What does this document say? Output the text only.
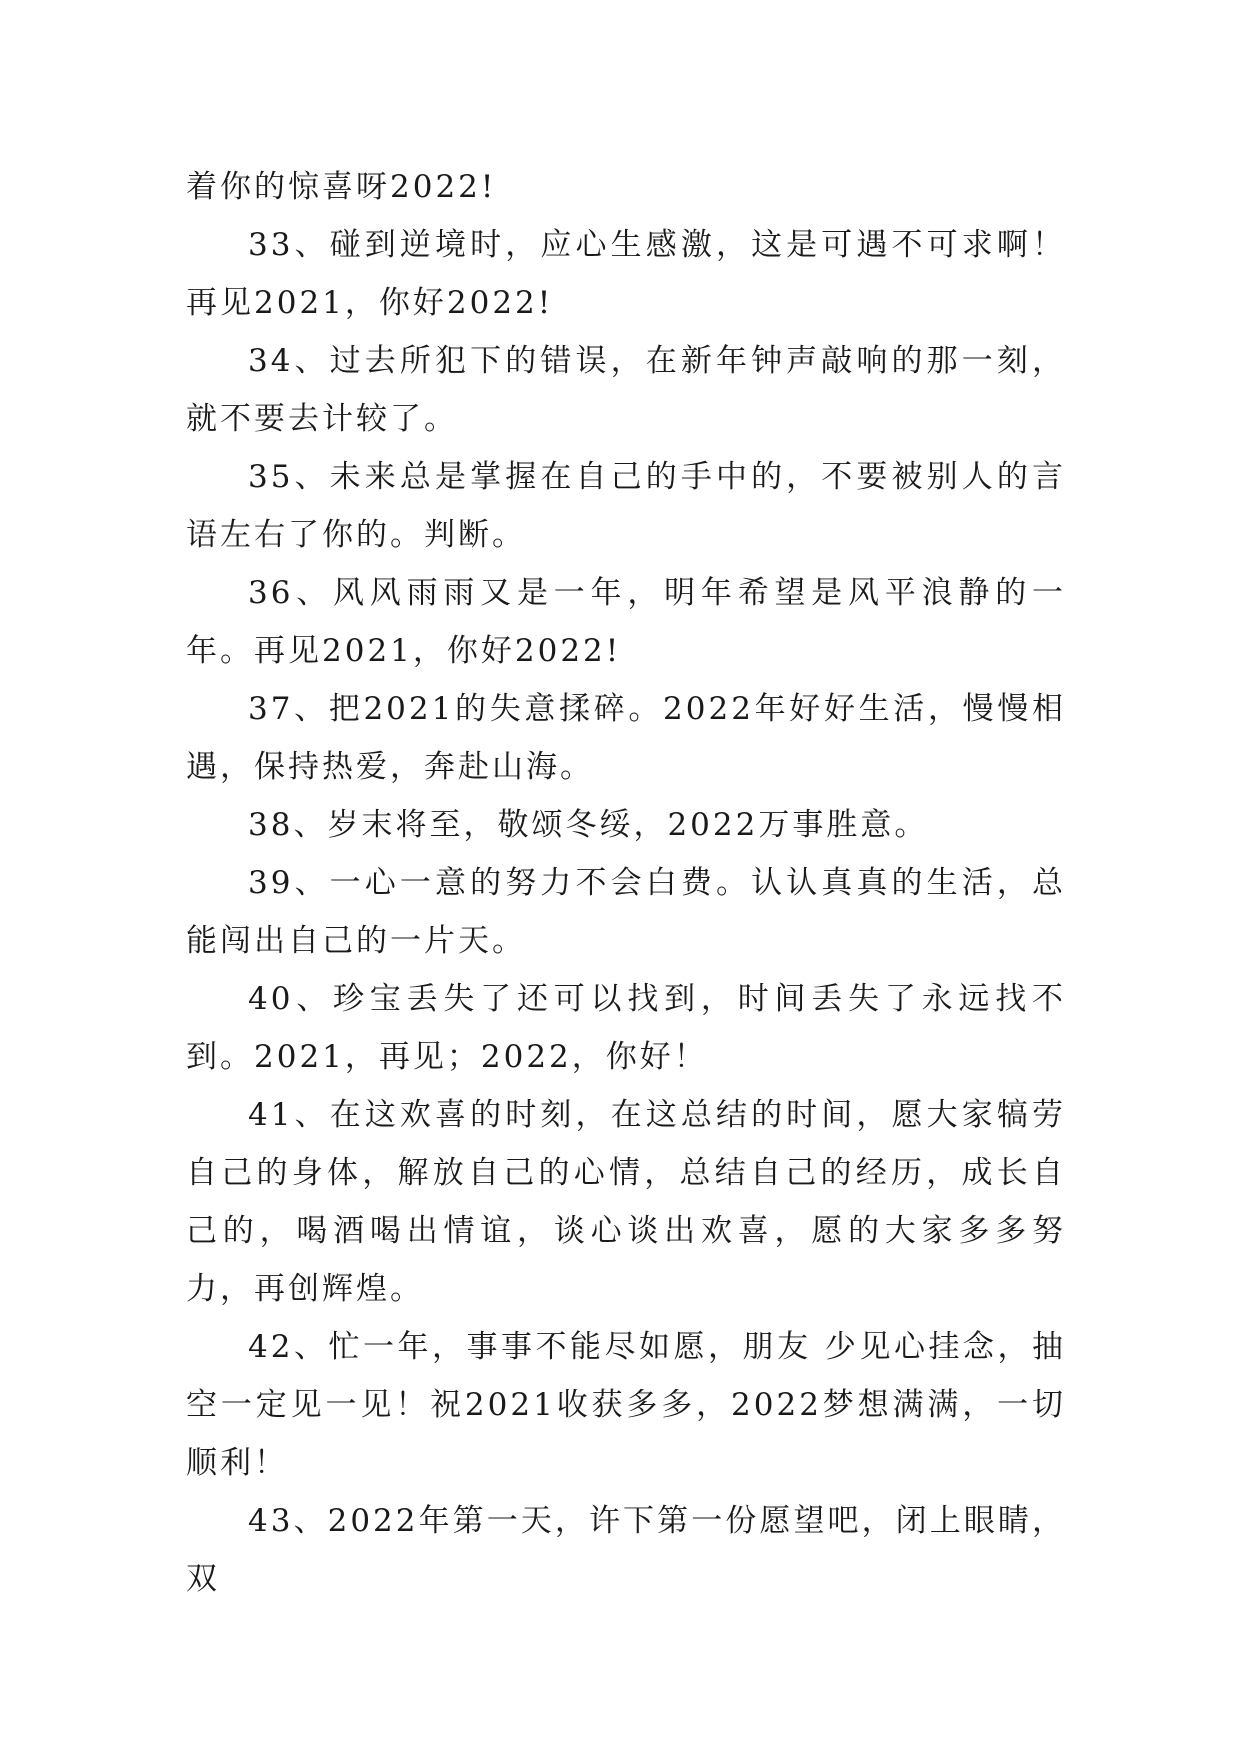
着你的惊喜呀2022!

33、碰到逆境时，应心生感激，这是可遇不可求啊！再见2021，你好2022!

34、过去所犯下的错误，在新年钟声敲响的那一刻，就不要去计较了。

35、未来总是掌握在自己的手中的，不要被别人的言语左右了你的。判断。

36、风风雨雨又是一年，明年希望是风平浪静的一年。再见2021，你好2022!

37、把2021的失意揉碎。2022年好好生活，慢慢相遇，保持热爱，奔赴山海。

38、岁末将至，敬颂冬绥，2022万事胜意。

39、一心一意的努力不会白费。认认真真的生活，总能闯出自己的一片天。

40、珍宝丢失了还可以找到，时间丢失了永远找不到。2021，再见；2022，你好！

41、在这欢喜的时刻，在这总结的时间，愿大家犒劳自己的身体，解放自己的心情，总结自己的经历，成长自己的，喝酒喝出情谊，谈心谈出欢喜，愿的大家多多努力，再创辉煌。

42、忙一年，事事不能尽如愿，朋友 少见心挂念，抽空一定见一见！祝2021收获多多，2022梦想满满，一切顺利！

43、2022年第一天，许下第一份愿望吧，闭上眼睛，双
